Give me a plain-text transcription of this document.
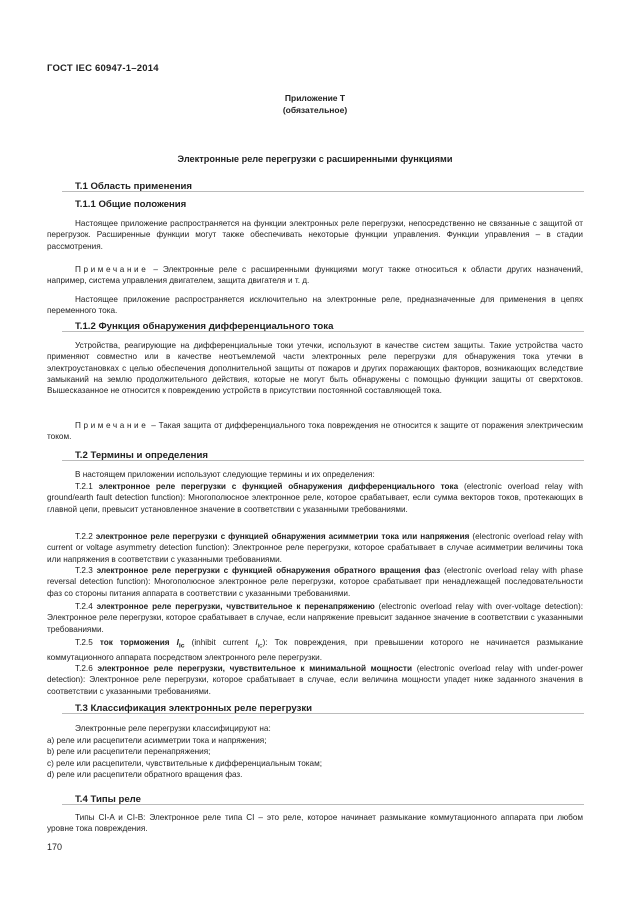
ГОСТ IEC 60947-1–2014
Приложение Т
(обязательное)
Электронные реле перегрузки с расширенными функциями
Т.1 Область применения
Т.1.1 Общие положения
Настоящее приложение распространяется на функции электронных реле перегрузки, непосредственно не связанные с защитой от перегрузок. Расширенные функции могут также обеспечивать некоторые функции управления. Функции управления – в стадии рассмотрения.
Примечание – Электронные реле с расширенными функциями могут также относиться к области других назначений, например, система управления двигателем, защита двигателя и т. д.
Настоящее приложение распространяется исключительно на электронные реле, предназначенные для применения в цепях переменного тока.
Т.1.2 Функция обнаружения дифференциального тока
Устройства, реагирующие на дифференциальные токи утечки, используют в качестве систем защиты. Такие устройства часто применяют совместно или в качестве неотъемлемой части электронных реле перегрузки для обнаружения тока утечки в электроустановках с целью обеспечения дополнительной защиты от пожаров и других поражающих факторов, возникающих вследствие замыканий на землю продолжительного действия, которые не могут быть обнаружены с помощью функции защиты от сверхтоков. Вышесказанное не относится к повреждению устройств в присутствии постоянной составляющей тока.
Примечание – Такая защита от дифференциального тока повреждения не относится к защите от поражения электрическим током.
Т.2 Термины и определения
В настоящем приложении используют следующие термины и их определения:
Т.2.1 электронное реле перегрузки с функцией обнаружения дифференциального тока (electronic overload relay with ground/earth fault detection function): Многополюсное электронное реле, которое срабатывает, если сумма векторов токов, протекающих в главной цепи, превысит установленное значение в соответствии с указанными требованиями.
Т.2.2 электронное реле перегрузки с функцией обнаружения асимметрии тока или напряжения (electronic overload relay with current or voltage asymmetry detection function): Электронное реле перегрузки, которое срабатывает в случае асимметрии величины тока или напряжения в соответствии с указанными требованиями.
Т.2.3 электронное реле перегрузки с функцией обнаружения обратного вращения фаз (electronic overload relay with phase reversal detection function): Многополюсное электронное реле перегрузки, которое срабатывает при ненадлежащей последовательности фаз со стороны питания аппарата в соответствии с указанными требованиями.
Т.2.4 электронное реле перегрузки, чувствительное к перенапряжению (electronic overload relay with over-voltage detection): Электронное реле перегрузки, которое срабатывает в случае, если напряжение превысит заданное значение в соответствии с указанными требованиями.
Т.2.5 ток торможения $I_{ic}$ (inhibit current $I_{ic}$): Ток повреждения, при превышении которого не начинается размыкание коммутационного аппарата посредством электронного реле перегрузки.
Т.2.6 электронное реле перегрузки, чувствительное к минимальной мощности (electronic overload relay with under-power detection): Электронное реле перегрузки, которое срабатывает в случае, если величина мощности упадет ниже заданного значения в соответствии с указанными требованиями.
Т.3 Классификация электронных реле перегрузки
Электронные реле перегрузки классифицируют на:
a) реле или расцепители асимметрии тока и напряжения;
b) реле или расцепители перенапряжения;
c) реле или расцепители, чувствительные к дифференциальным токам;
d) реле или расцепители обратного вращения фаз.
Т.4 Типы реле
Типы CI-A и CI-B: Электронное реле типа CI – это реле, которое начинает размыкание коммутационного аппарата при любом уровне тока повреждения.
170
